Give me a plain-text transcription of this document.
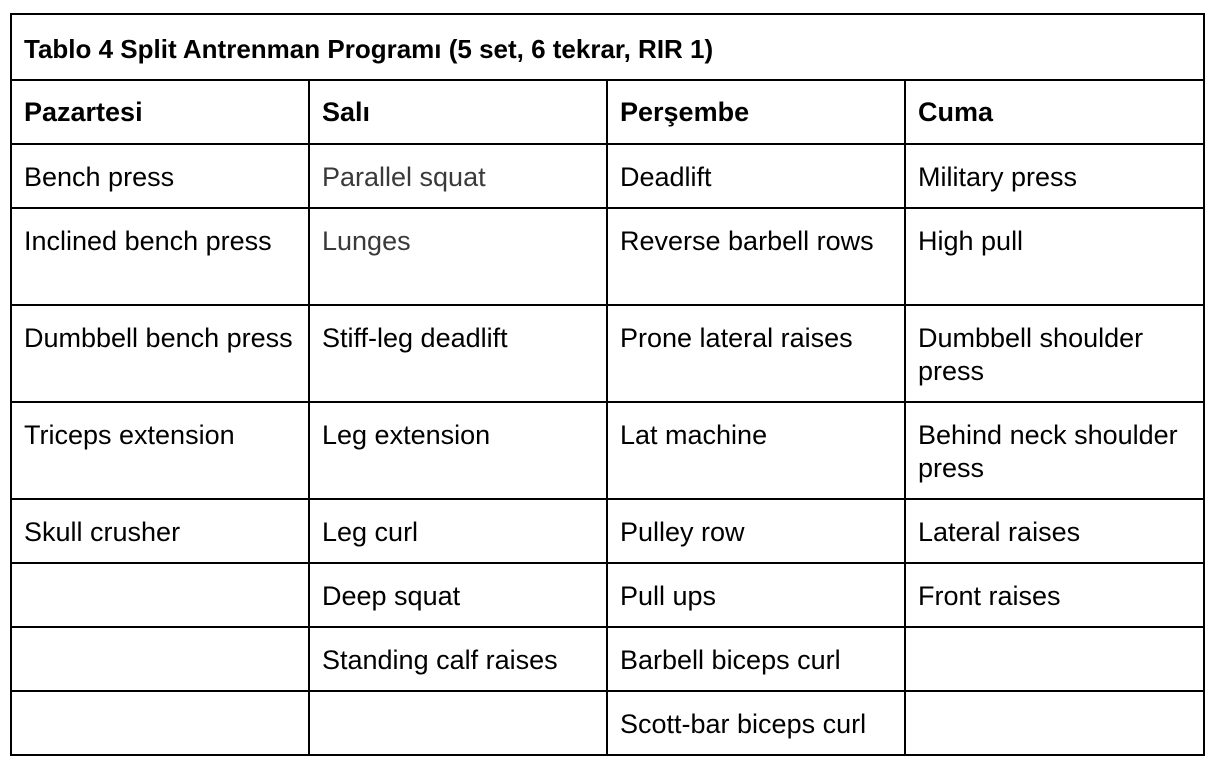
Tablo 4 Split Antrenman Programı (5 set, 6 tekrar, RIR 1)			
Pazartesi	Salı	Perşembe	Cuma
Bench press	Parallel squat	Deadlift	Military press
Inclined bench press	Lunges	Reverse barbell rows	High pull
Dumbbell bench press	Stiff-leg deadlift	Prone lateral raises	Dumbbell shoulder press
Triceps extension	Leg extension	Lat machine	Behind neck shoulder press
Skull crusher	Leg curl	Pulley row	Lateral raises
	Deep squat	Pull ups	Front raises
	Standing calf raises	Barbell biceps curl	
		Scott-bar biceps curl	
